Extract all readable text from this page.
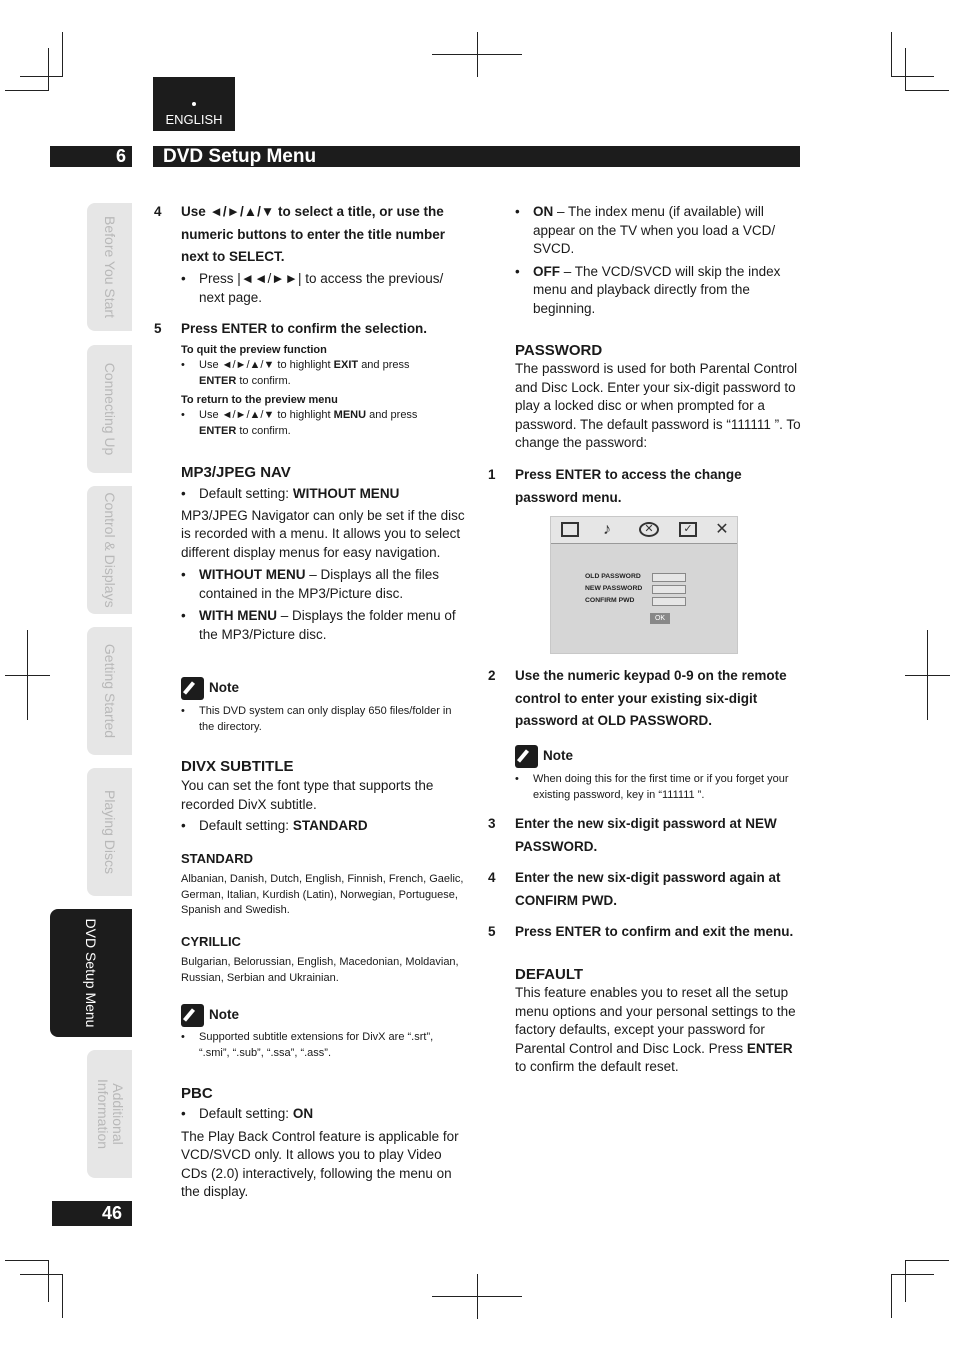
ENGLISH
6	DVD Setup Menu
Before You Start
Connecting Up
Control & Displays
Getting Started
Playing Discs
DVD Setup Menu
Additional
Information
46
4 Use ◄/►/▲/▼ to select a title, or use the numeric buttons to enter the title number next to SELECT.
• Press |◄◄/►►| to access the previous/ next page.
5 Press ENTER to confirm the selection.
To quit the preview function
• Use ◄/►/▲/▼ to highlight EXIT and press
ENTER to confirm.
To return to the preview menu
• Use ◄/►/▲/▼ to highlight MENU and press
ENTER to confirm.
MP3/JPEG NAV
• Default setting: WITHOUT MENU
MP3/JPEG Navigator can only be set if the disc is recorded with a menu. It allows you to select different display menus for easy navigation.
• WITHOUT MENU – Displays all the files contained in the MP3/Picture disc.
• WITH MENU – Displays the folder menu of the MP3/Picture disc.
Note
• This DVD system can only display 650 files/folder in the directory.
DIVX SUBTITLE
You can set the font type that supports the recorded DivX subtitle.
• Default setting: STANDARD
STANDARD
Albanian, Danish, Dutch, English, Finnish, French, Gaelic, German, Italian, Kurdish (Latin), Norwegian, Portuguese, Spanish and Swedish.
CYRILLIC
Bulgarian, Belorussian, English, Macedonian, Moldavian, Russian, Serbian and Ukrainian.
Note
• Supported subtitle extensions for DivX are “.srt”, “.smi”, “.sub”, “.ssa”, “.ass”.
PBC
• Default setting: ON
The Play Back Control feature is applicable for VCD/SVCD only. It allows you to play Video CDs (2.0) interactively, following the menu on the display.
• ON – The index menu (if available) will appear on the TV when you load a VCD/ SVCD.
• OFF – The VCD/SVCD will skip the index menu and playback directly from the beginning.
PASSWORD
The password is used for both Parental Control and Disc Lock. Enter your six-digit password to play a locked disc or when prompted for a password. The default password is “111111 ”. To change the password:
1 Press ENTER to access the change password menu.
♪	✕	✓ ✕
OLD PASSWORD
NEW PASSWORD
CONFIRM PWD
OK
2 Use the numeric keypad 0-9 on the remote control to enter your existing six-digit password at OLD PASSWORD.
Note
• When doing this for the first time or if you forget your existing password, key in “111111 ”.
3 Enter the new six-digit password at NEW PASSWORD.
4 Enter the new six-digit password again at CONFIRM PWD.
5 Press ENTER to confirm and exit the menu.
DEFAULT
This feature enables you to reset all the setup menu options and your personal settings to the factory defaults, except your password for Parental Control and Disc Lock. Press ENTER to confirm the default reset.
